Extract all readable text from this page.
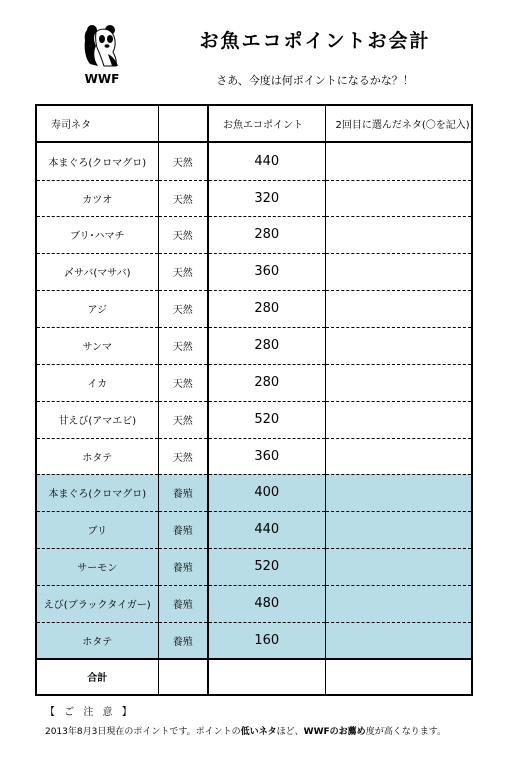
WWF
お魚エコポイントお会計
さあ、今度は何ポイントになるかな？！
寿司ネタ		お魚エコポイント	2回目に選んだネタ(〇を記入)
本まぐろ(クロマグロ)	天然	440	
カツオ	天然	320	
ブリ･ハマチ	天然	280	
〆サバ(マサバ)	天然	360	
アジ	天然	280	
サンマ	天然	280	
イカ	天然	280	
甘えび(アマエビ)	天然	520	
ホタテ	天然	360	
本まぐろ(クロマグロ)	養殖	400	
ブリ	養殖	440	
サーモン	養殖	520	
えび(ブラックタイガー)	養殖	480	
ホタテ	養殖	160	
合計			
【 ご 注 意 】
2013年8月3日現在のポイントです。ポイントの低いネタほど、WWFのお薦め度が高くなります。
